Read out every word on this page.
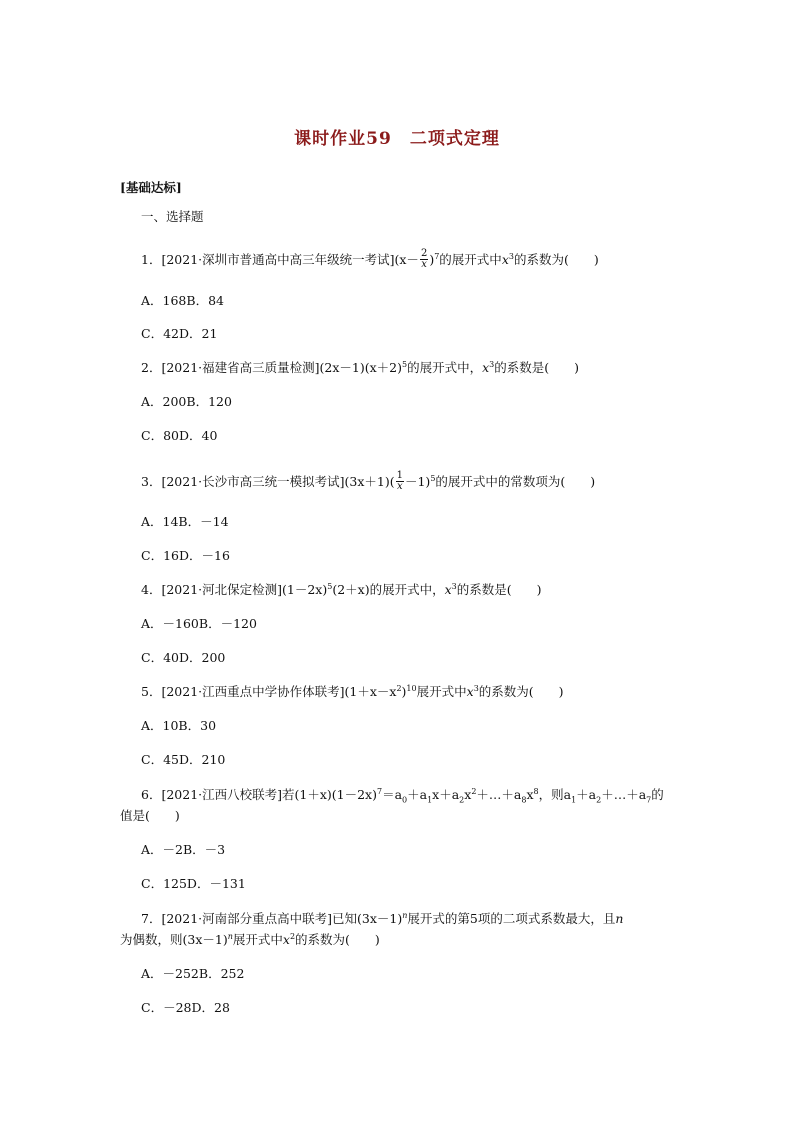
课时作业59　二项式定理
[基础达标]
一、选择题
1．[2021·深圳市普通高中高三年级统一考试]$(x- \frac{2}{x} )^7$的展开式中$x^3$的系数为(　　)
A．168B．84
C．42D．21
2．[2021·福建省高三质量检测]$(2x-1)(x+2)^5$的展开式中，$x^3$的系数是(　　)
A．200B．120
C．80D．40
3．[2021·长沙市高三统一模拟考试]$(3x+1)( \frac{1}{x} -1)^5$的展开式中的常数项为(　　)
A．14B．－14
C．16D．－16
4．[2021·河北保定检测]$(1-2x)^5(2+x)$的展开式中，$x^3$的系数是(　　)
A．－160B．－120
C．40D．200
5．[2021·江西重点中学协作体联考]$(1+x-x^2)^{10}$展开式中$x^3$的系数为(　　)
A．10B．30
C．45D．210
6．[2021·江西八校联考]若$(1+x)(1-2x)^7=a_0+a_1x+a_2x^2+\dots+a_8x^8$，则$a_1+a_2+\dots+a_7$的
值是(　　)
A．－2B．－3
C．125D．－131
7．[2021·河南部分重点高中联考]已知$(3x-1)^n$展开式的第5项的二项式系数最大，且n
为偶数，则$(3x-1)^n$展开式中$x^2$的系数为(　　)
A．－252B．252
C．－28D．28
